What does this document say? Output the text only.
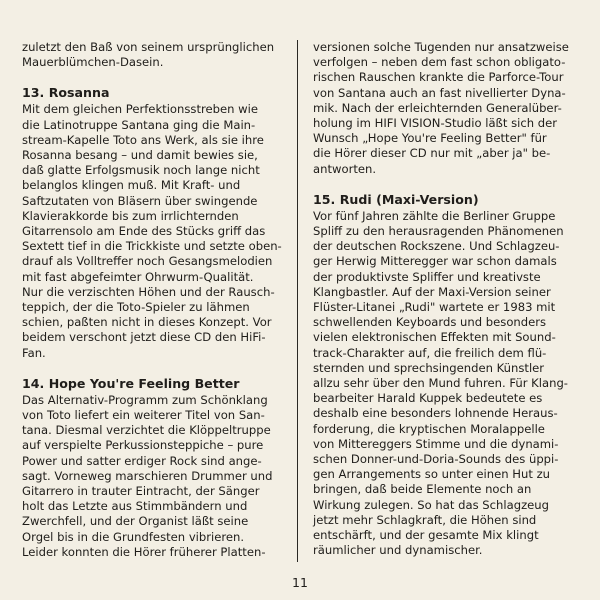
zuletzt den Baß von seinem ursprünglichen
Mauerblümchen-Dasein.

13. Rosanna

Mit dem gleichen Perfektionsstreben wie
die Latinotruppe Santana ging die Main-
stream-Kapelle Toto ans Werk, als sie ihre
Rosanna besang – und damit bewies sie,
daß glatte Erfolgsmusik noch lange nicht
belanglos klingen muß. Mit Kraft- und
Saftzutaten von Bläsern über swingende
Klavierakkorde bis zum irrlichternden
Gitarrensolo am Ende des Stücks griff das
Sextett tief in die Trickkiste und setzte oben-
drauf als Volltreffer noch Gesangsmelodien
mit fast abgefeimter Ohrwurm-Qualität.
Nur die verzischten Höhen und der Rausch-
teppich, der die Toto-Spieler zu lähmen
schien, paßten nicht in dieses Konzept. Vor
beidem verschont jetzt diese CD den HiFi-
Fan.

14. Hope You're Feeling Better

Das Alternativ-Programm zum Schönklang
von Toto liefert ein weiterer Titel von San-
tana. Diesmal verzichtet die Klöppeltruppe
auf verspielte Perkussionsteppiche – pure
Power und satter erdiger Rock sind ange-
sagt. Vorneweg marschieren Drummer und
Gitarrero in trauter Eintracht, der Sänger
holt das Letzte aus Stimmbändern und
Zwerchfell, und der Organist läßt seine
Orgel bis in die Grundfesten vibrieren.
Leider konnten die Hörer früherer Platten-

versionen solche Tugenden nur ansatzweise
verfolgen – neben dem fast schon obligato-
rischen Rauschen krankte die Parforce-Tour
von Santana auch an fast nivellierter Dyna-
mik. Nach der erleichternden Generalüber-
holung im HIFI VISION-Studio läßt sich der
Wunsch „Hope You're Feeling Better" für
die Hörer dieser CD nur mit „aber ja" be-
antworten.

15. Rudi (Maxi-Version)

Vor fünf Jahren zählte die Berliner Gruppe
Spliff zu den herausragenden Phänomenen
der deutschen Rockszene. Und Schlagzeu-
ger Herwig Mitteregger war schon damals
der produktivste Spliffer und kreativste
Klangbastler. Auf der Maxi-Version seiner
Flüster-Litanei „Rudi" wartete er 1983 mit
schwellenden Keyboards und besonders
vielen elektronischen Effekten mit Sound-
track-Charakter auf, die freilich dem flü-
sternden und sprechsingenden Künstler
allzu sehr über den Mund fuhren. Für Klang-
bearbeiter Harald Kuppek bedeutete es
deshalb eine besonders lohnende Heraus-
forderung, die kryptischen Moralappelle
von Mittereggers Stimme und die dynami-
schen Donner-und-Doria-Sounds des üppi-
gen Arrangements so unter einen Hut zu
bringen, daß beide Elemente noch an
Wirkung zulegen. So hat das Schlagzeug
jetzt mehr Schlagkraft, die Höhen sind
entschärft, und der gesamte Mix klingt
räumlicher und dynamischer.

11
